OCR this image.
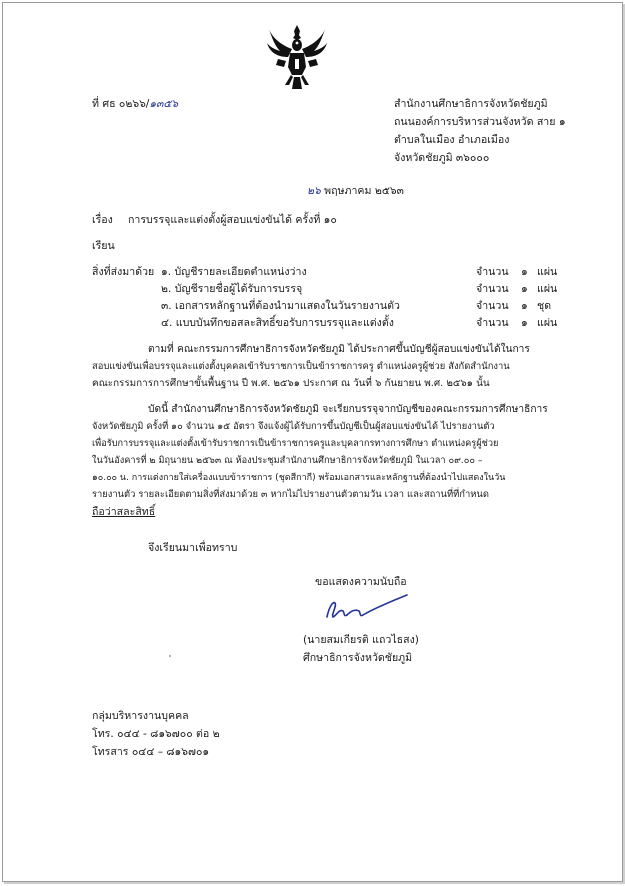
ที่ ศธ ๐๒๖๖/๑๓๕๖	สำนักงานศึกษาธิการจังหวัดชัยภูมิ
ถนนองค์การบริหารส่วนจังหวัด สาย ๑
ตำบลในเมือง อำเภอเมือง
จังหวัดชัยภูมิ ๓๖๐๐๐
๒๖ พฤษภาคม ๒๕๖๓
เรื่อง การบรรจุและแต่งตั้งผู้สอบแข่งขันได้ ครั้งที่ ๑๐
เรียน
สิ่งที่ส่งมาด้วย ๑. บัญชีรายละเอียดตำแหน่งว่าง	จำนวน ๑ แผ่น
๒. บัญชีรายชื่อผู้ได้รับการบรรจุ	จำนวน ๑ แผ่น
๓. เอกสารหลักฐานที่ต้องนำมาแสดงในวันรายงานตัว	จำนวน ๑ ชุด
๔. แบบบันทึกขอสละสิทธิ์ขอรับการบรรจุและแต่งตั้ง	จำนวน ๑ แผ่น
ตามที่ คณะกรรมการศึกษาธิการจังหวัดชัยภูมิ ได้ประกาศขึ้นบัญชีผู้สอบแข่งขันได้ในการ
สอบแข่งขันเพื่อบรรจุและแต่งตั้งบุคคลเข้ารับราชการเป็นข้าราชการครู ตำแหน่งครูผู้ช่วย สังกัดสำนักงาน
คณะกรรมการการศึกษาขั้นพื้นฐาน ปี พ.ศ. ๒๕๖๑ ประกาศ ณ วันที่ ๖ กันยายน พ.ศ. ๒๕๖๑ นั้น
บัดนี้ สำนักงานศึกษาธิการจังหวัดชัยภูมิ จะเรียกบรรจุจากบัญชีของคณะกรรมการศึกษาธิการ
จังหวัดชัยภูมิ ครั้งที่ ๑๐ จำนวน ๑๕ อัตรา จึงแจ้งผู้ได้รับการขึ้นบัญชีเป็นผู้สอบแข่งขันได้ ไปรายงานตัว
เพื่อรับการบรรจุและแต่งตั้งเข้ารับราชการเป็นข้าราชการครูและบุคลากรทางการศึกษา ตำแหน่งครูผู้ช่วย
ในวันอังคารที่ ๒ มิถุนายน ๒๕๖๓ ณ ห้องประชุมสำนักงานศึกษาธิการจังหวัดชัยภูมิ ในเวลา ๐๙.๐๐ –
๑๐.๐๐ น. การแต่งกายใส่เครื่องแบบข้าราชการ (ชุดสีกากี) พร้อมเอกสารและหลักฐานที่ต้องนำไปแสดงในวัน
รายงานตัว รายละเอียดตามสิ่งที่ส่งมาด้วย ๓ หากไม่ไปรายงานตัวตามวัน เวลา และสถานที่ที่กำหนด
ถือว่าสละสิทธิ์
จึงเรียนมาเพื่อทราบ
ขอแสดงความนับถือ
(นายสมเกียรติ แถวไธสง)
ศึกษาธิการจังหวัดชัยภูมิ
กลุ่มบริหารงานบุคคล
โทร. ๐๔๔ - ๘๑๖๗๐๐ ต่อ ๒
โทรสาร ๐๔๔ – ๘๑๖๗๐๑
